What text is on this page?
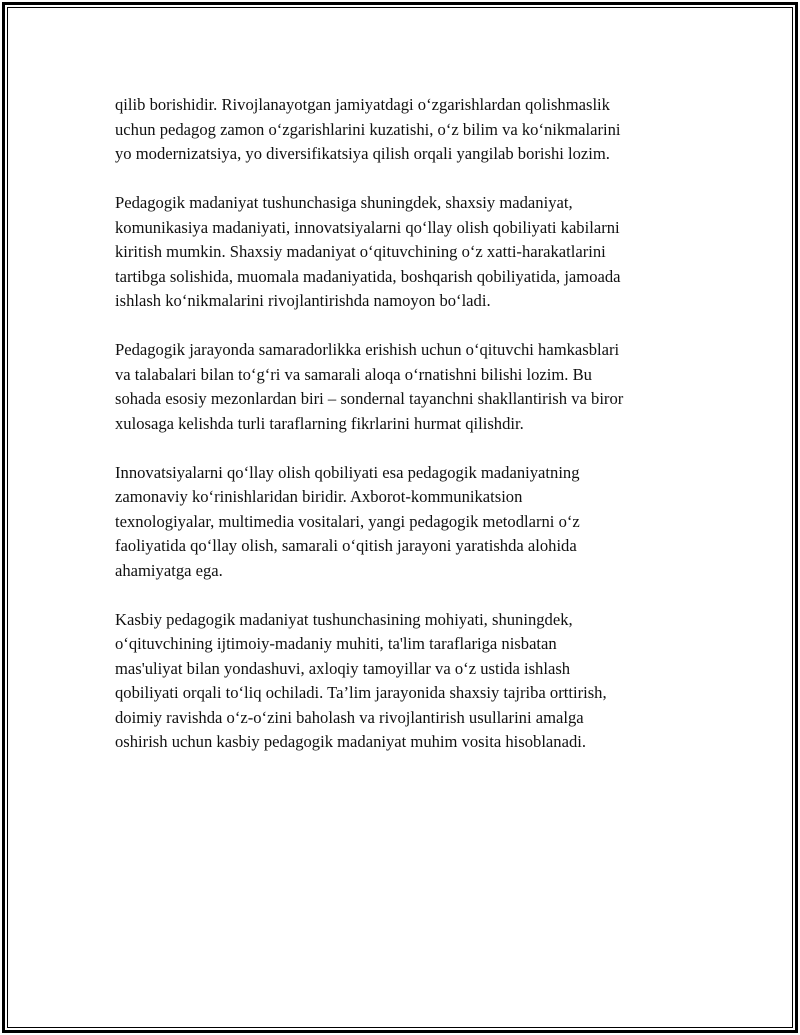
qilib borishidir. Rivojlanayotgan jamiyatdagi o‘zgarishlardan qolishmaslik
uchun pedagog zamon o‘zgarishlarini kuzatishi, o‘z bilim va ko‘nikmalarini
yo modernizatsiya, yo diversifikatsiya qilish orqali yangilab borishi lozim.

Pedagogik madaniyat tushunchasiga shuningdek, shaxsiy madaniyat,
komunikasiya madaniyati, innovatsiyalarni qo‘llay olish qobiliyati kabilarni
kiritish mumkin. Shaxsiy madaniyat o‘qituvchining o‘z xatti-harakatlarini
tartibga solishida, muomala madaniyatida, boshqarish qobiliyatida, jamoada
ishlash ko‘nikmalarini rivojlantirishda namoyon bo‘ladi.

Pedagogik jarayonda samaradorlikka erishish uchun o‘qituvchi hamkasblari
va talabalari bilan to‘g‘ri va samarali aloqa o‘rnatishni bilishi lozim. Bu
sohada esosiy mezonlardan biri – sondernal tayanchni shakllantirish va biror
xulosaga kelishda turli taraflarning fikrlarini hurmat qilishdir.

Innovatsiyalarni qo‘llay olish qobiliyati esa pedagogik madaniyatning
zamonaviy ko‘rinishlaridan biridir. Axborot-kommunikatsion
texnologiyalar, multimedia vositalari, yangi pedagogik metodlarni o‘z
faoliyatida qo‘llay olish, samarali o‘qitish jarayoni yaratishda alohida
ahamiyatga ega.

Kasbiy pedagogik madaniyat tushunchasining mohiyati, shuningdek,
o‘qituvchining ijtimoiy-madaniy muhiti, ta'lim taraflariga nisbatan
mas'uliyat bilan yondashuvi, axloqiy tamoyillar va o‘z ustida ishlash
qobiliyati orqali to‘liq ochiladi. Ta’lim jarayonida shaxsiy tajriba orttirish,
doimiy ravishda o‘z-o‘zini baholash va rivojlantirish usullarini amalga
oshirish uchun kasbiy pedagogik madaniyat muhim vosita hisoblanadi.
